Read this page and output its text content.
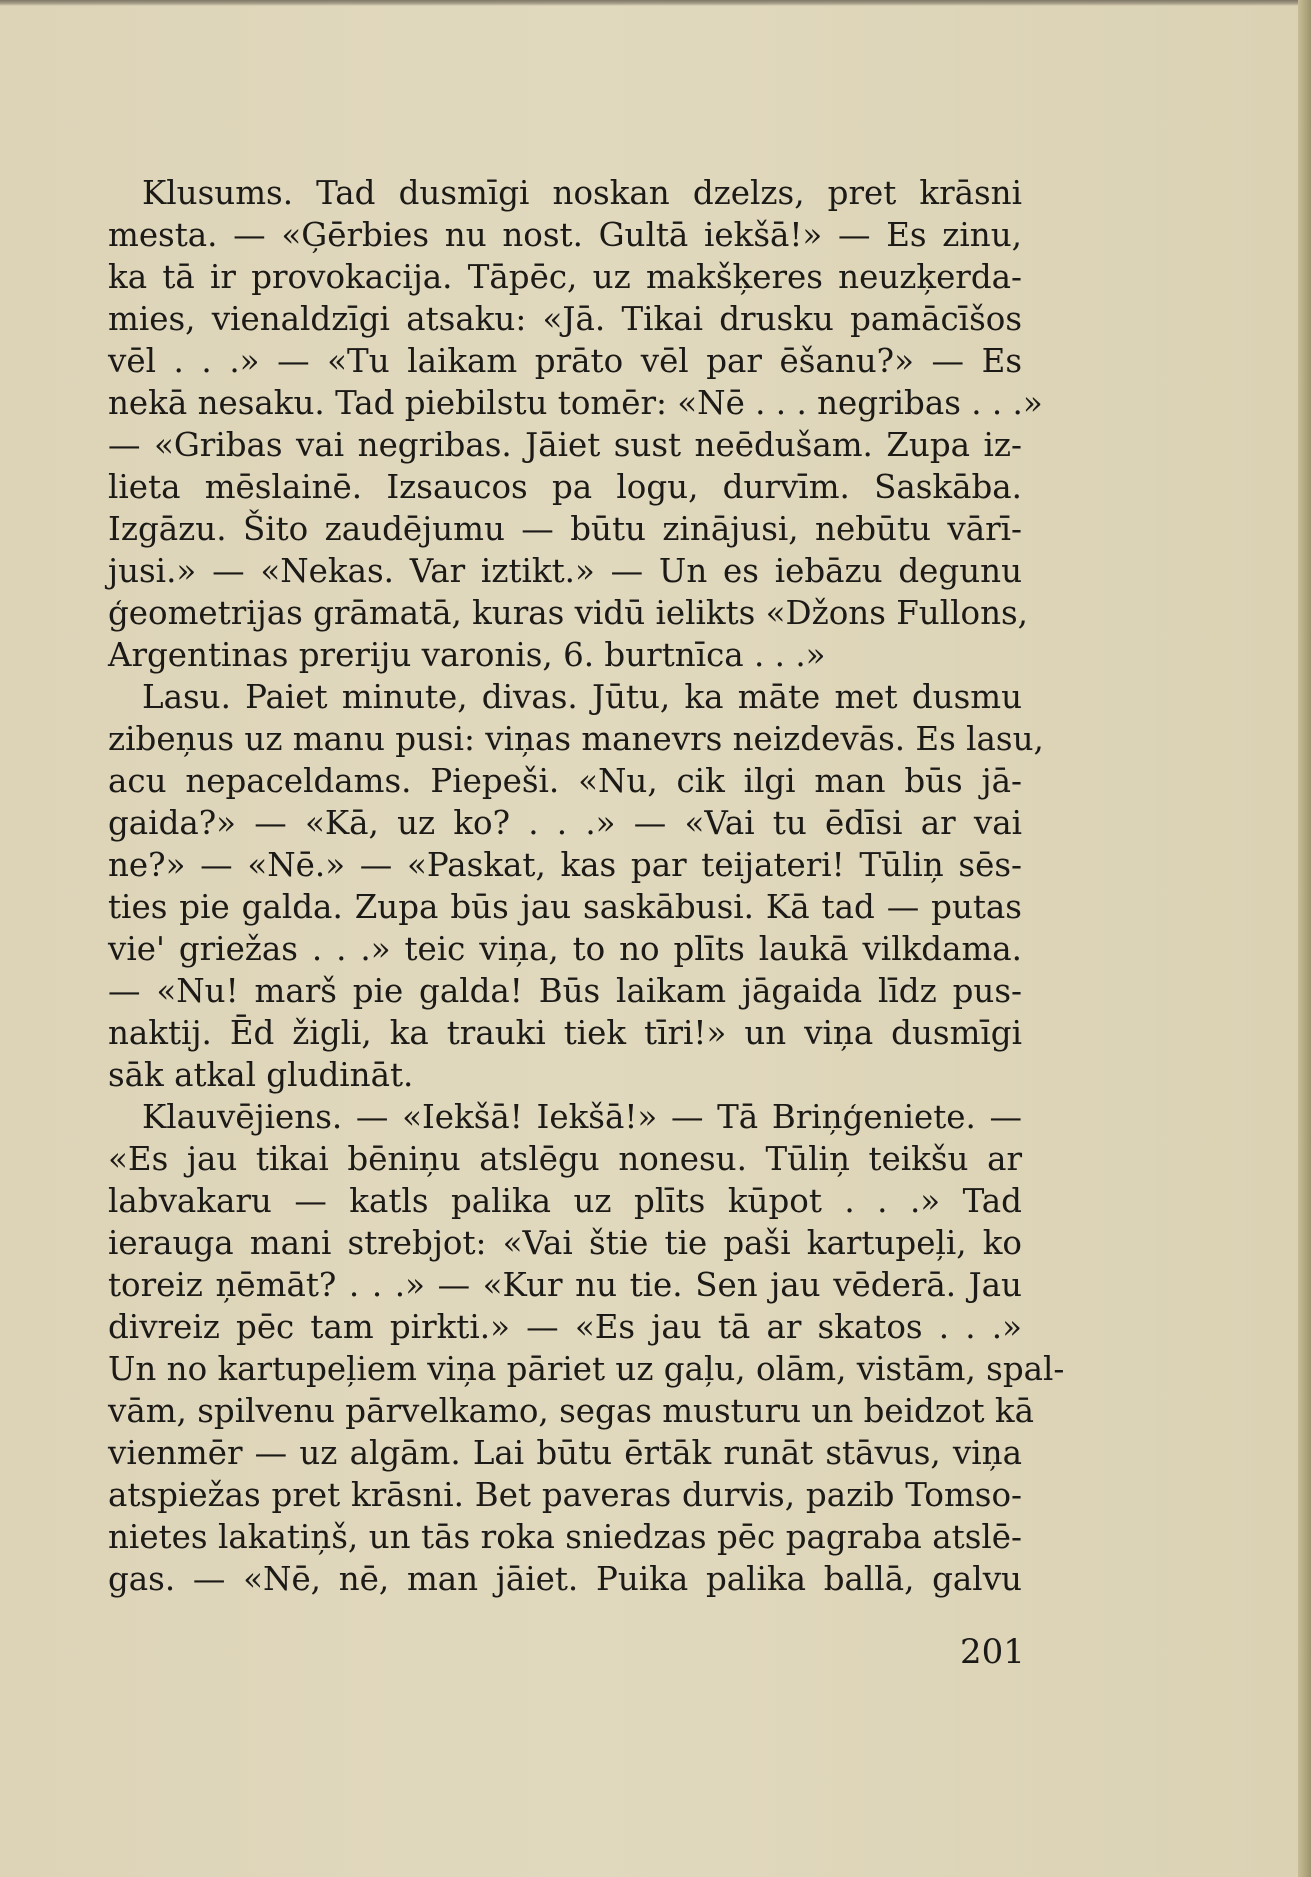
Klusums. Tad dusmīgi noskan dzelzs, pret krāsni
mesta. — «Ģērbies nu nost. Gultā iekšā!» — Es zinu,
ka tā ir provokacija. Tāpēc, uz makšķeres neuzķerda-
mies, vienaldzīgi atsaku: «Jā. Tikai drusku pamācīšos
vēl . . .» — «Tu laikam prāto vēl par ēšanu?» — Es
nekā nesaku. Tad piebilstu tomēr: «Nē . . . negribas . . .»
— «Gribas vai negribas. Jāiet sust neēdušam. Zupa iz-
lieta mēslainē. Izsaucos pa logu, durvīm. Saskāba.
Izgāzu. Šito zaudējumu — būtu zinājusi, nebūtu vārī-
jusi.» — «Nekas. Var iztikt.» — Un es iebāzu degunu
ģeometrijas grāmatā, kuras vidū ielikts «Džons Fullons,
Argentinas preriju varonis, 6. burtnīca . . .»
Lasu. Paiet minute, divas. Jūtu, ka māte met dusmu
zibeņus uz manu pusi: viņas manevrs neizdevās. Es lasu,
acu nepaceldams. Piepeši. «Nu, cik ilgi man būs jā-
gaida?» — «Kā, uz ko? . . .» — «Vai tu ēdīsi ar vai
ne?» — «Nē.» — «Paskat, kas par teijateri! Tūliņ sēs-
ties pie galda. Zupa būs jau saskābusi. Kā tad — putas
vie' griežas . . .» teic viņa, to no plīts laukā vilkdama.
— «Nu! marš pie galda! Būs laikam jāgaida līdz pus-
naktij. Ēd žigli, ka trauki tiek tīri!» un viņa dusmīgi
sāk atkal gludināt.
Klauvējiens. — «Iekšā! Iekšā!» — Tā Briņģeniete. —
«Es jau tikai bēniņu atslēgu nonesu. Tūliņ teikšu ar
labvakaru — katls palika uz plīts kūpot . . .» Tad
ierauga mani strebjot: «Vai štie tie paši kartupeļi, ko
toreiz ņēmāt? . . .» — «Kur nu tie. Sen jau vēderā. Jau
divreiz pēc tam pirkti.» — «Es jau tā ar skatos . . .»
Un no kartupeļiem viņa pāriet uz gaļu, olām, vistām, spal-
vām, spilvenu pārvelkamo, segas musturu un beidzot kā
vienmēr — uz algām. Lai būtu ērtāk runāt stāvus, viņa
atspiežas pret krāsni. Bet paveras durvis, pazib Tomso-
nietes lakatiņš, un tās roka sniedzas pēc pagraba atslē-
gas. — «Nē, nē, man jāiet. Puika palika ballā, galvu
201
